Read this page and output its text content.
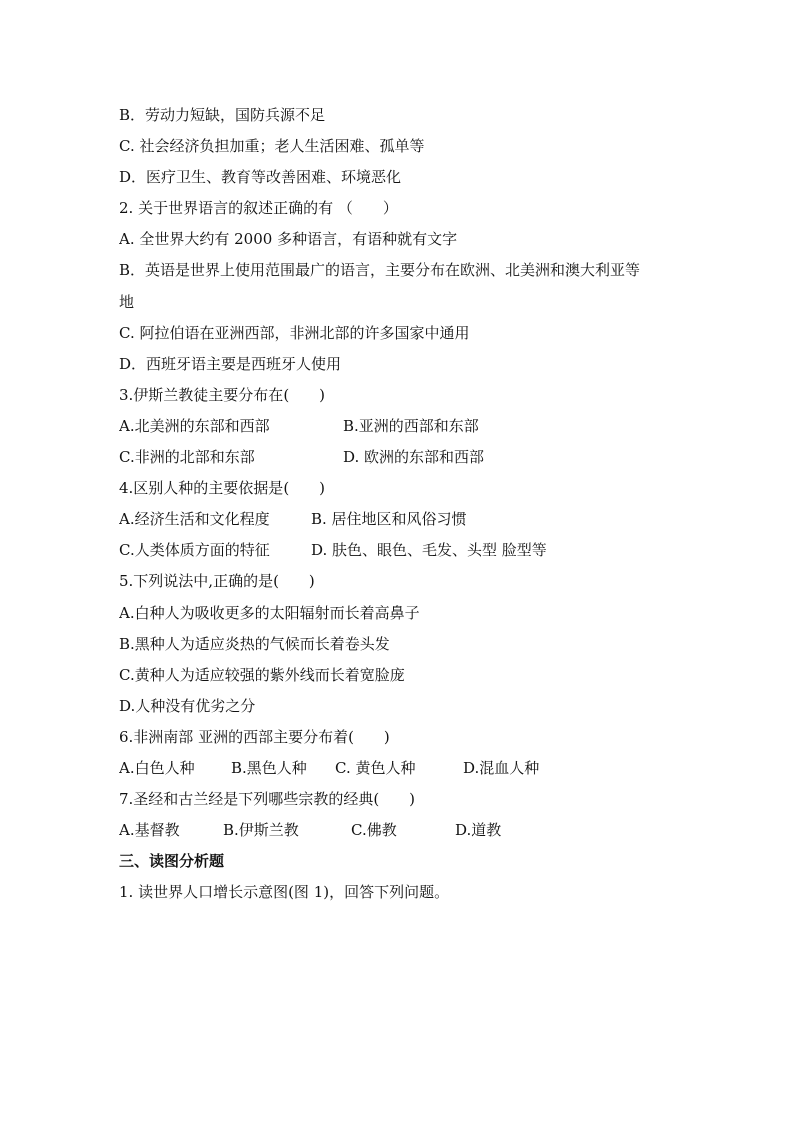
B．劳动力短缺，国防兵源不足
C. 社会经济负担加重；老人生活困难、孤单等
D．医疗卫生、教育等改善困难、环境恶化
2. 关于世界语言的叙述正确的有 （　　）
A. 全世界大约有 2000 多种语言，有语种就有文字
B．英语是世界上使用范围最广的语言，主要分布在欧洲、北美洲和澳大利亚等
地
C. 阿拉伯语在亚洲西部，非洲北部的许多国家中通用
D．西班牙语主要是西班牙人使用
3.伊斯兰教徒主要分布在(　　)
A.北美洲的东部和西部	B.亚洲的西部和东部
C.非洲的北部和东部	D. 欧洲的东部和西部
4.区别人种的主要依据是(　　)
A.经济生活和文化程度	B. 居住地区和风俗习惯
C.人类体质方面的特征	D. 肤色、眼色、毛发、头型 脸型等
5.下列说法中,正确的是(　　)
A.白种人为吸收更多的太阳辐射而长着高鼻子
B.黑种人为适应炎热的气候而长着卷头发
C.黄种人为适应较强的紫外线而长着宽脸庞
D.人种没有优劣之分
6.非洲南部 亚洲的西部主要分布着(　　)
A.白色人种	B.黑色人种	C. 黄色人种	D.混血人种
7.圣经和古兰经是下列哪些宗教的经典(　　)
A.基督教	B.伊斯兰教	C.佛教	D.道教
三、读图分析题
1. 读世界人口增长示意图(图 1)，回答下列问题。
